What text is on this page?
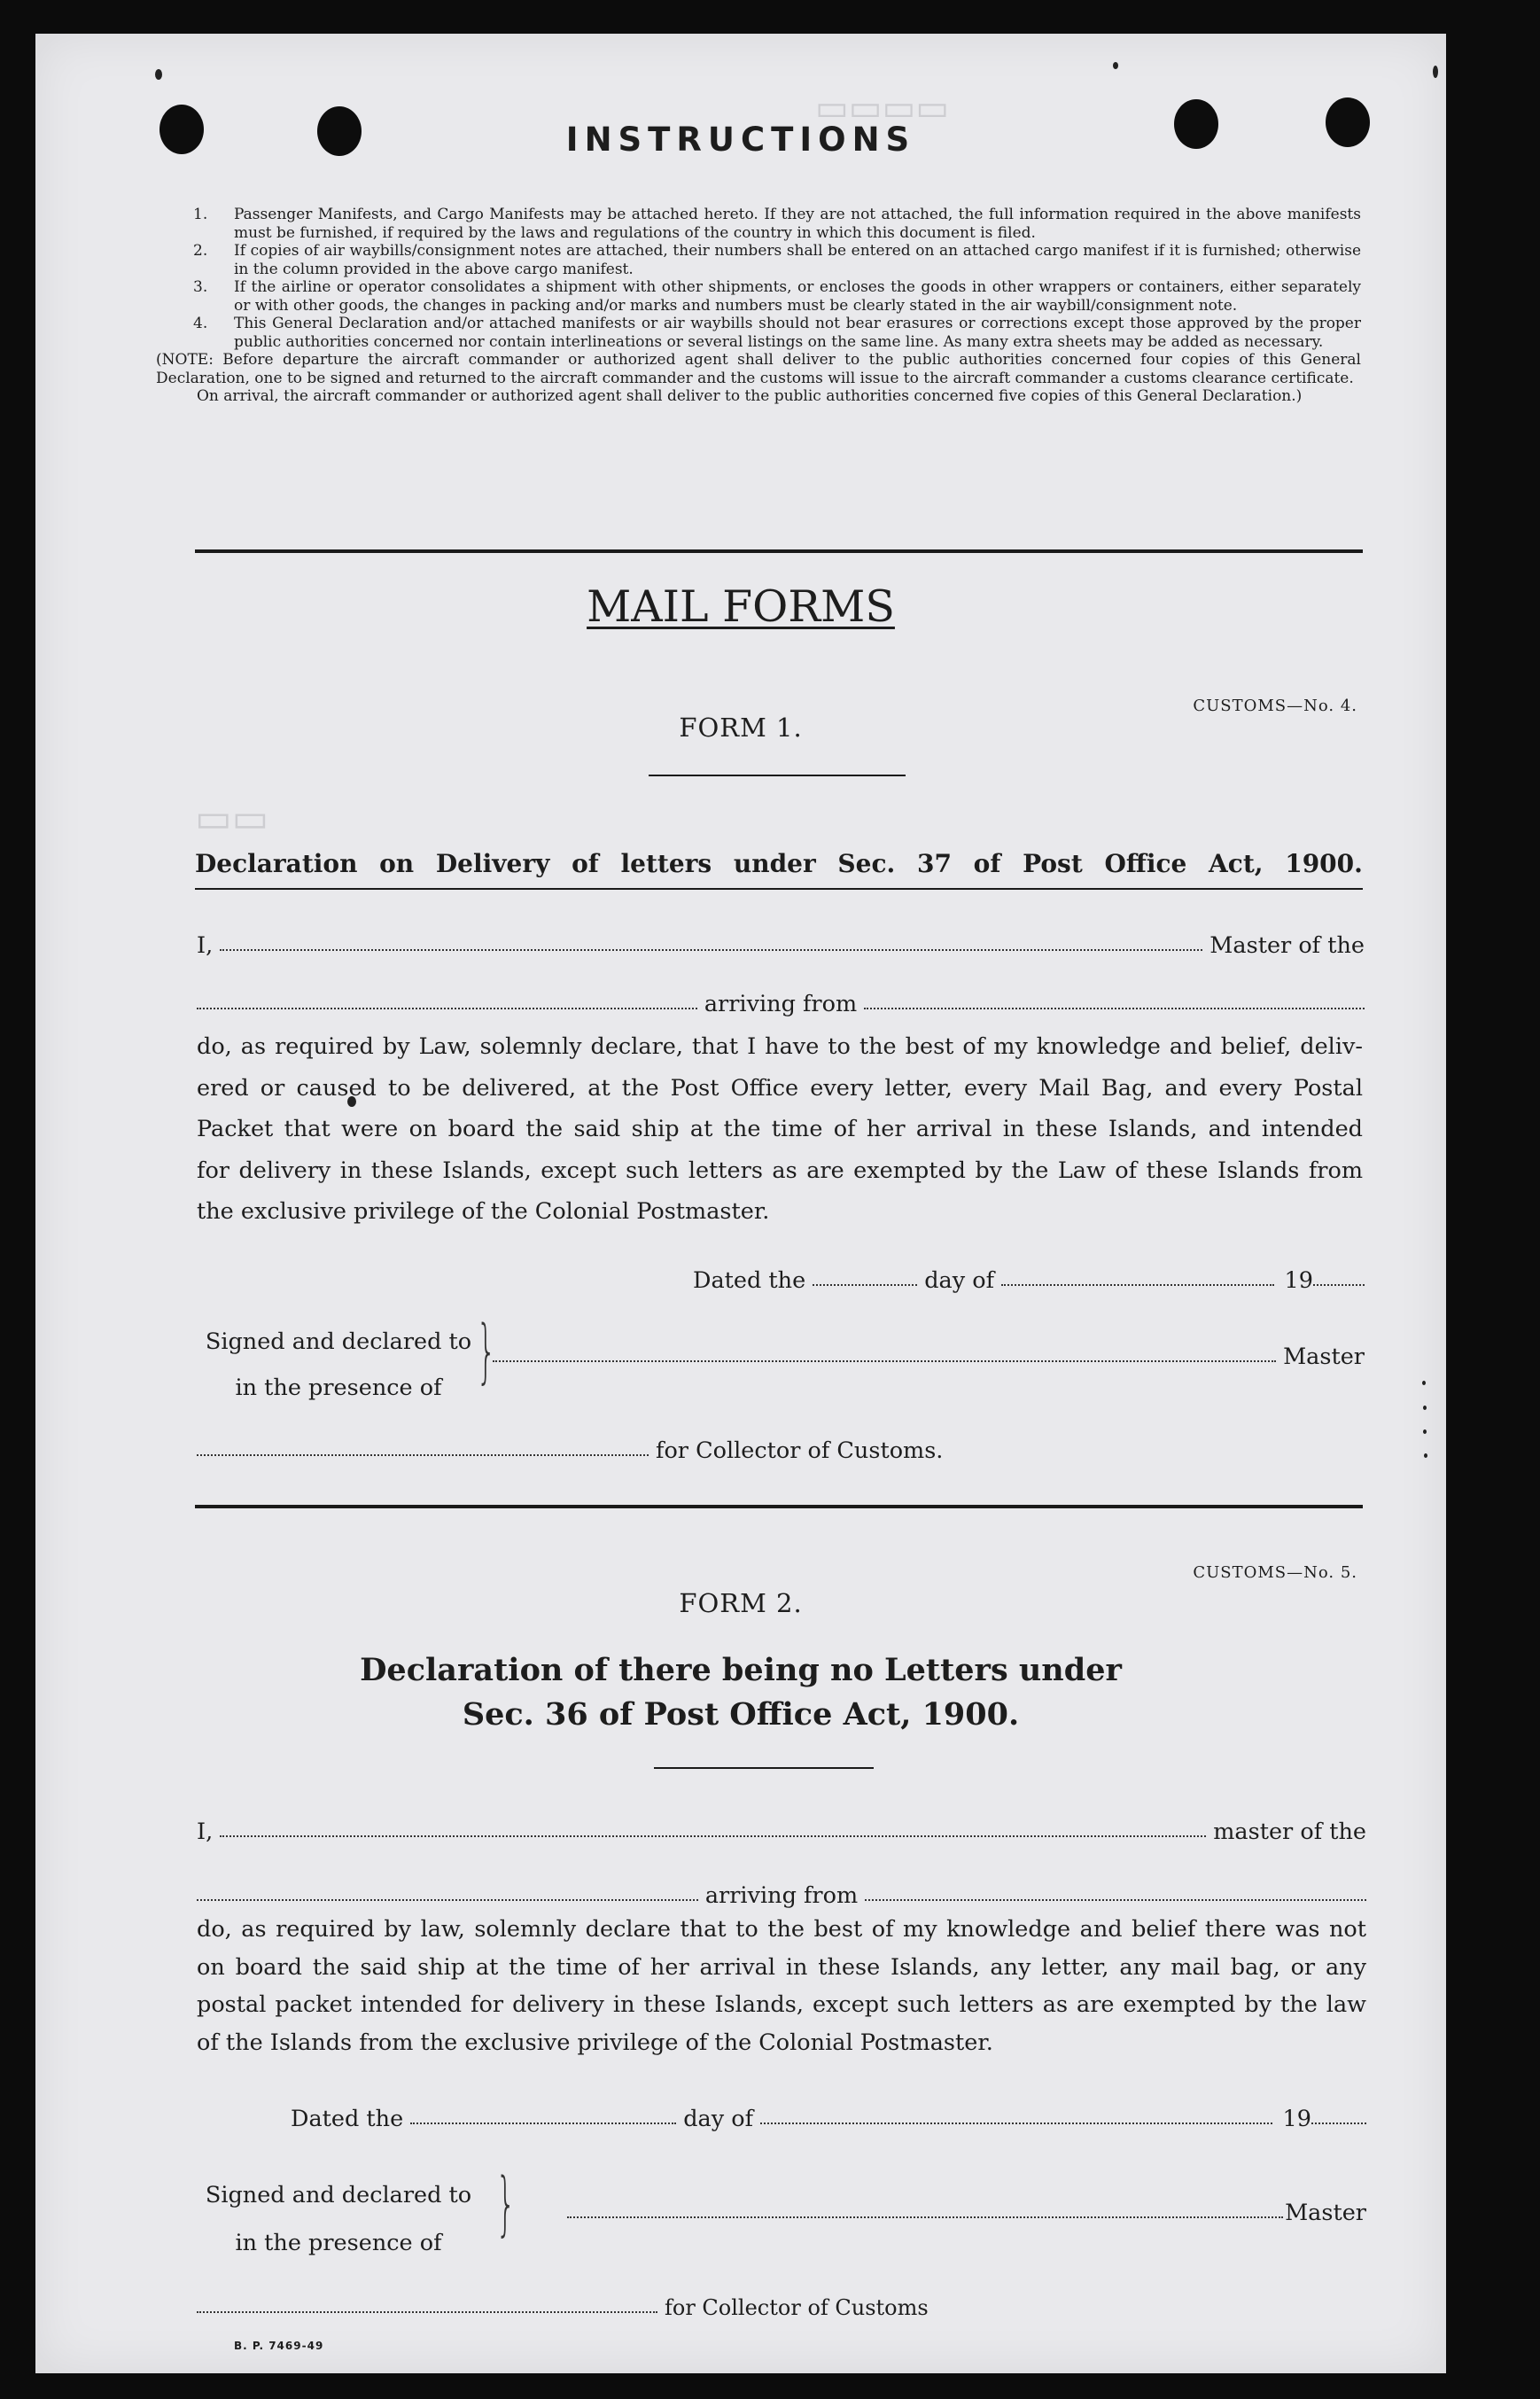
▭▭▭▭
▭▭
INSTRUCTIONS
1.	Passenger Manifests, and Cargo Manifests may be attached hereto. If they are not attached, the full information required in the above manifests must be furnished, if required by the laws and regulations of the country in which this document is filed.
2.	If copies of air waybills/consignment notes are attached, their numbers shall be entered on an attached cargo manifest if it is furnished; otherwise in the column provided in the above cargo manifest.
3.	If the airline or operator consolidates a shipment with other shipments, or encloses the goods in other wrappers or containers, either separately or with other goods, the changes in packing and/or marks and numbers must be clearly stated in the air waybill/consignment note.
4.	This General Declaration and/or attached manifests or air waybills should not bear erasures or corrections except those approved by the proper public authorities concerned nor contain interlineations or several listings on the same line. As many extra sheets may be added as necessary.
(NOTE: Before departure the aircraft commander or authorized agent shall deliver to the public authorities concerned four copies of this General Declaration, one to be signed and returned to the aircraft commander and the customs will issue to the aircraft commander a customs clearance certificate.
On arrival, the aircraft commander or authorized agent shall deliver to the public authorities concerned five copies of this General Declaration.)
MAIL FORMS
CUSTOMS—No. 4.
FORM 1.
Declaration on Delivery of letters under Sec. 37 of Post Office Act, 1900.
I,	Master of the
arriving from
do, as required by Law, solemnly declare, that I have to the best of my knowledge and belief, deliv-
ered or caused to be delivered, at the Post Office every letter, every Mail Bag, and every Postal
Packet that were on board the said ship at the time of her arrival in these Islands, and intended
for delivery in these Islands, except such letters as are exempted by the Law of these Islands from
the exclusive privilege of the Colonial Postmaster.
Dated the	day of	19
Signed and declared to
in the presence of }	Master
for Collector of Customs.
CUSTOMS—No. 5.
FORM 2.
Declaration of there being no Letters under
Sec. 36 of Post Office Act, 1900.
I,	master of the
arriving from
do, as required by law, solemnly declare that to the best of my knowledge and belief there was not
on board the said ship at the time of her arrival in these Islands, any letter, any mail bag, or any
postal packet intended for delivery in these Islands, except such letters as are exempted by the law
of the Islands from the exclusive privilege of the Colonial Postmaster.
Dated the	day of	19
Signed and declared to
in the presence of }	Master
for Collector of Customs
B. P. 7469-49
